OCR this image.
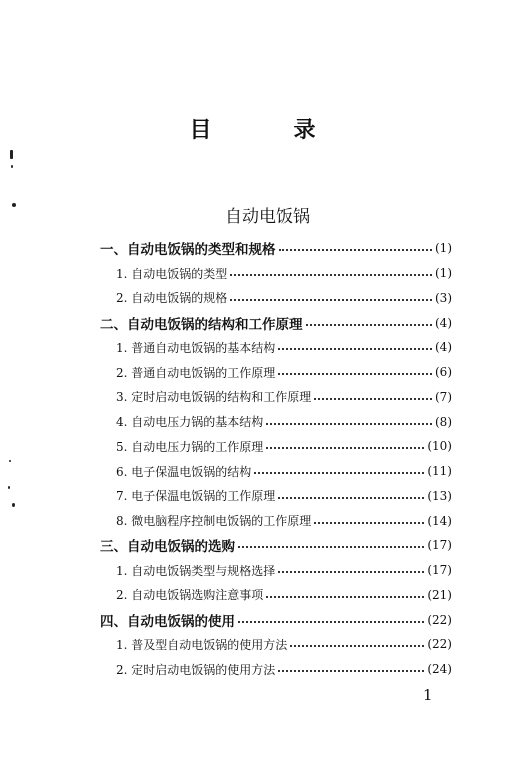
目　录
自动电饭锅
一、自动电饭锅的类型和规格	(1)
1. 自动电饭锅的类型	(1)
2. 自动电饭锅的规格	(3)
二、自动电饭锅的结构和工作原理	(4)
1. 普通自动电饭锅的基本结构	(4)
2. 普通自动电饭锅的工作原理	(6)
3. 定时启动电饭锅的结构和工作原理	(7)
4. 自动电压力锅的基本结构	(8)
5. 自动电压力锅的工作原理	(10)
6. 电子保温电饭锅的结构	(11)
7. 电子保温电饭锅的工作原理	(13)
8. 微电脑程序控制电饭锅的工作原理	(14)
三、自动电饭锅的选购	(17)
1. 自动电饭锅类型与规格选择	(17)
2. 自动电饭锅选购注意事项	(21)
四、自动电饭锅的使用	(22)
1. 普及型自动电饭锅的使用方法	(22)
2. 定时启动电饭锅的使用方法	(24)
1
